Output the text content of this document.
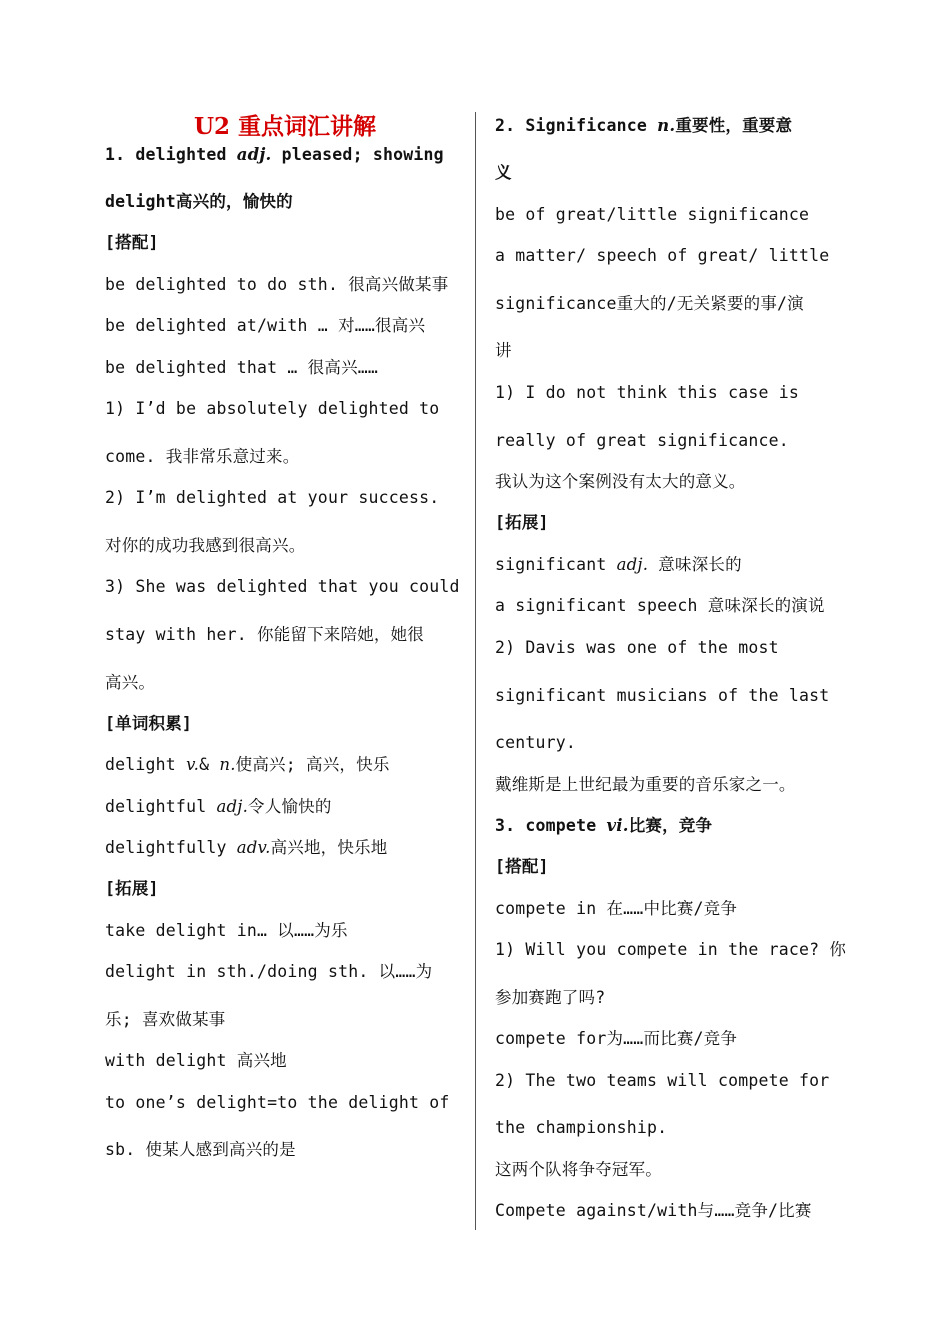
U2 重点词汇讲解
1. delighted adj. pleased; showing
delight高兴的，愉快的
[搭配]
be delighted to do sth. 很高兴做某事
be delighted at/with … 对……很高兴
be delighted that … 很高兴……
1) I’d be absolutely delighted to
come. 我非常乐意过来。
2) I’m delighted at your success.
对你的成功我感到很高兴。
3) She was delighted that you could
stay with her. 你能留下来陪她，她很
高兴。
[单词积累]
delight v.& n.使高兴; 高兴，快乐
delightful adj.令人愉快的
delightfully adv.高兴地，快乐地
[拓展]
take delight in… 以……为乐
delight in sth./doing sth. 以……为
乐; 喜欢做某事
with delight 高兴地
to one’s delight=to the delight of
sb. 使某人感到高兴的是
2. Significance n.重要性，重要意
义
be of great/little significance
a matter/ speech of great/ little
significance重大的/无关紧要的事/演
讲
1) I do not think this case is
really of great significance.
我认为这个案例没有太大的意义。
[拓展]
significant adj. 意味深长的
a significant speech 意味深长的演说
2) Davis was one of the most
significant musicians of the last
century.
戴维斯是上世纪最为重要的音乐家之一。
3. compete vi.比赛，竞争
[搭配]
compete in 在……中比赛/竞争
1) Will you compete in the race? 你
参加赛跑了吗?
compete for为……而比赛/竞争
2) The two teams will compete for
the championship.
这两个队将争夺冠军。
Compete against/with与……竞争/比赛
